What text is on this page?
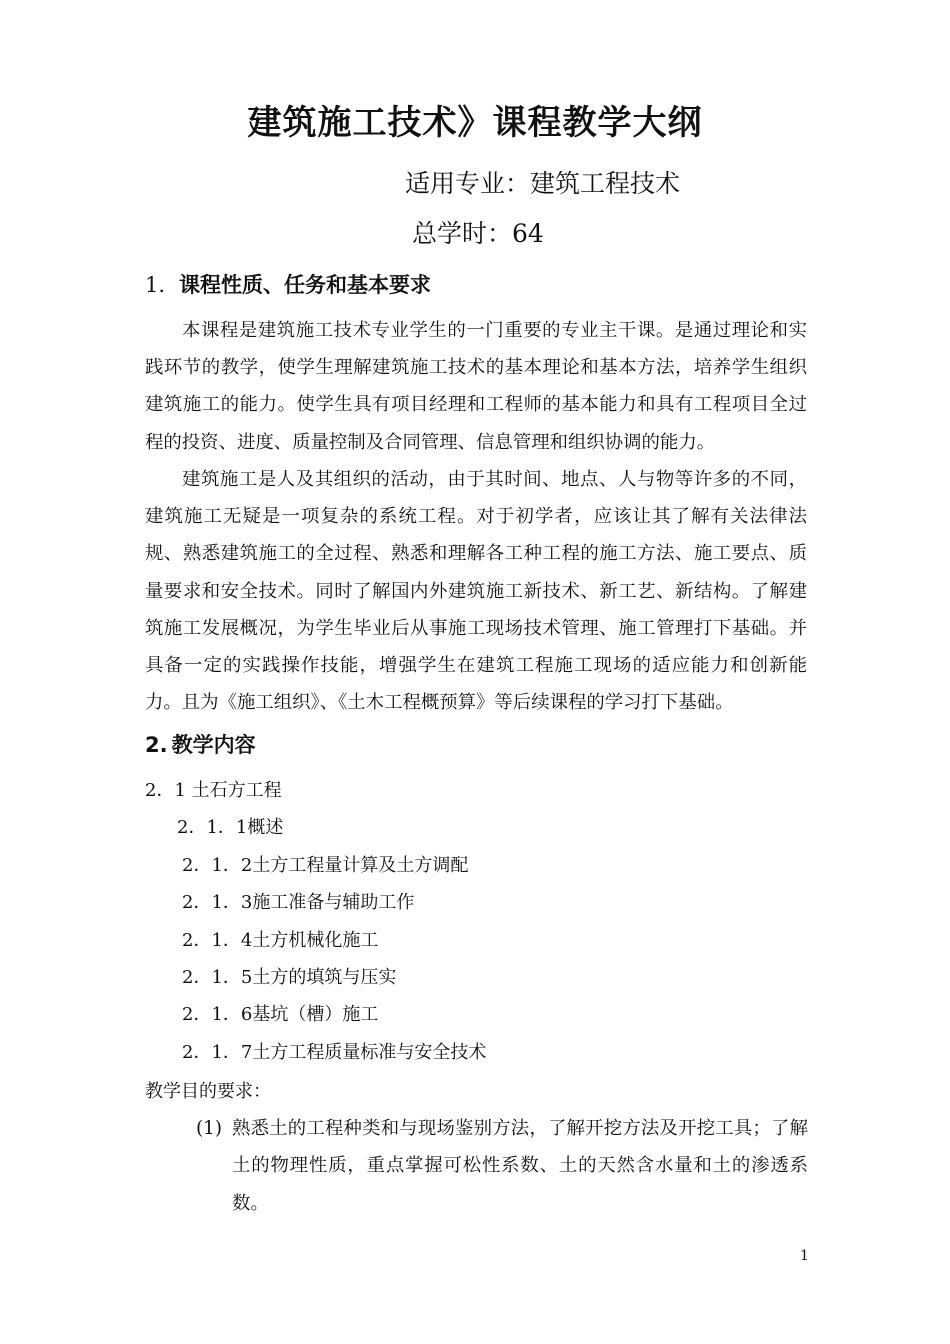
建筑施工技术》课程教学大纲

适用专业：建筑工程技术

总学时：64

1. 课程性质、任务和基本要求

本课程是建筑施工技术专业学生的一门重要的专业主干课。是通过理论和实践环节的教学，使学生理解建筑施工技术的基本理论和基本方法，培养学生组织建筑施工的能力。使学生具有项目经理和工程师的基本能力和具有工程项目全过程的投资、进度、质量控制及合同管理、信息管理和组织协调的能力。

建筑施工是人及其组织的活动，由于其时间、地点、人与物等许多的不同，建筑施工无疑是一项复杂的系统工程。对于初学者，应该让其了解有关法律法规、熟悉建筑施工的全过程、熟悉和理解各工种工程的施工方法、施工要点、质量要求和安全技术。同时了解国内外建筑施工新技术、新工艺、新结构。了解建筑施工发展概况，为学生毕业后从事施工现场技术管理、施工管理打下基础。并具备一定的实践操作技能，增强学生在建筑工程施工现场的适应能力和创新能力。且为《施工组织》、《土木工程概预算》等后续课程的学习打下基础。

2. 教学内容
2．1 土石方工程
2．1．1概述
2．1．2土方工程量计算及土方调配
2．1．3施工准备与辅助工作
2．1．4土方机械化施工
2．1．5土方的填筑与压实
2．1．6基坑（槽）施工
2．1．7土方工程质量标准与安全技术

教学目的要求：

(1) 熟悉土的工程种类和与现场鉴别方法，了解开挖方法及开挖工具；了解土的物理性质，重点掌握可松性系数、土的天然含水量和土的渗透系数。

1
